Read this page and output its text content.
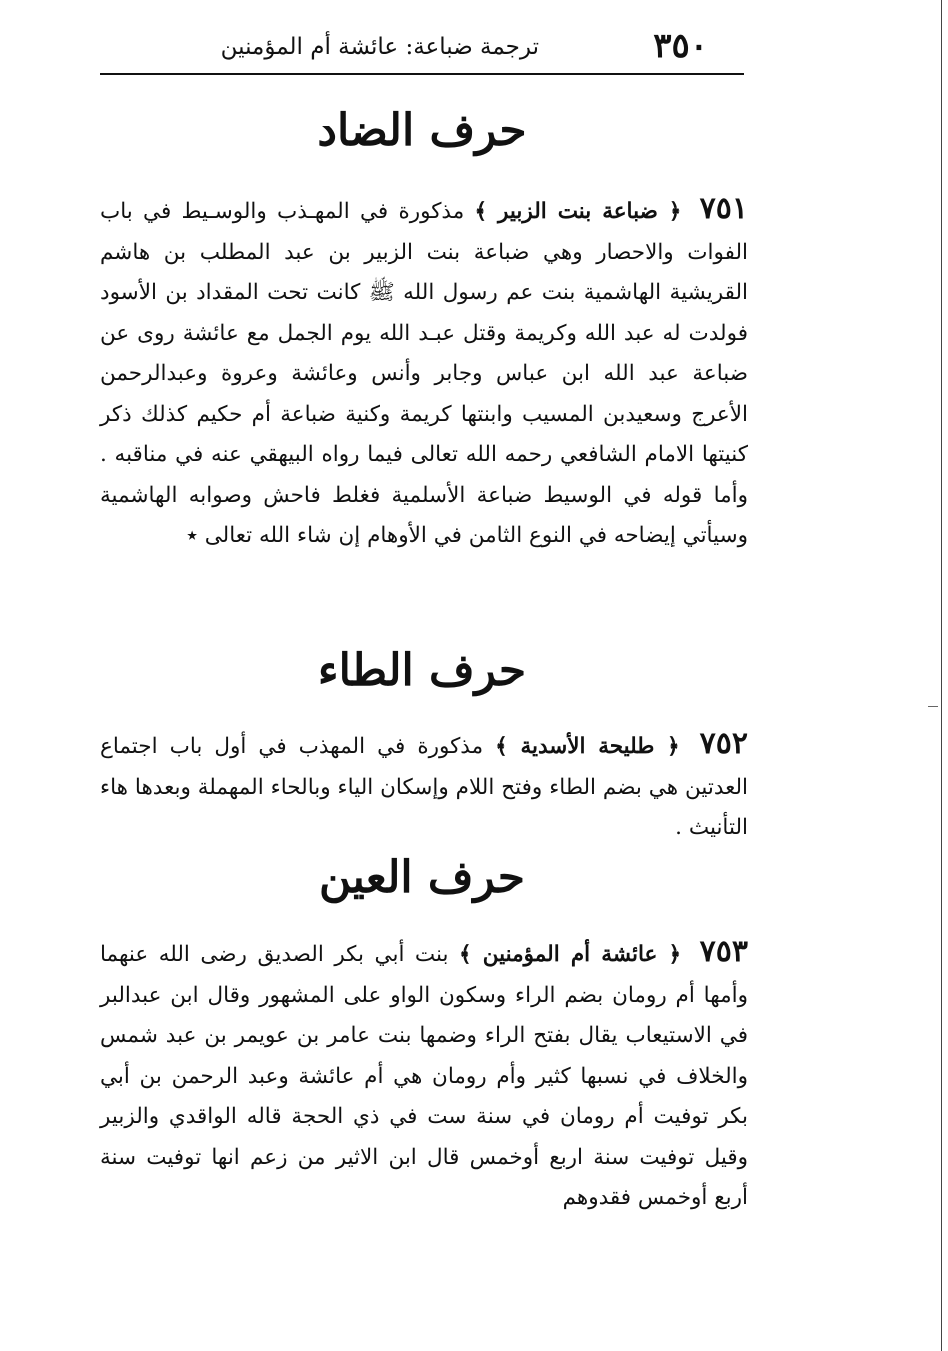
٣٥٠
ترجمة ضباعة: عائشة أم المؤمنين
حرف الضاد
٧٥١ ﴿ ضباعة بنت الزبير ﴾ مذكورة في المهـذب والوسـيط في باب الفوات والاحصار وهي ضباعة بنت الزبير بن عبد المطلب بن هاشم القريشية الهاشمية بنت عم رسول الله ﷺ كانت تحت المقداد بن الأسود فولدت له عبد الله وكريمة وقتل عبـد الله يوم الجمل مع عائشة روى عن ضباعة عبد الله ابن عباس وجابر وأنس وعائشة وعروة وعبدالرحمن الأعرج وسعيدبن المسيب وابنتها كريمة وكنية ضباعة أم حكيم كذلك ذكر كنيتها الامام الشافعي رحمه الله تعالى فيما رواه البيهقي عنه في مناقبه . وأما قوله في الوسيط ضباعة الأسلمية فغلط فاحش وصوابه الهاشمية وسيأتي إيضاحه في النوع الثامن في الأوهام إن شاء الله تعالى ٭
حرف الطاء
٧٥٢ ﴿ طليحة الأسدية ﴾ مذكورة في المهذب في أول باب اجتماع العدتين هي بضم الطاء وفتح اللام وإسكان الياء وبالحاء المهملة وبعدها هاء التأنيث .
حرف العين
٧٥٣ ﴿ عائشة أم المؤمنين ﴾ بنت أبي بكر الصديق رضى الله عنهما وأمها أم رومان بضم الراء وسكون الواو على المشهور وقال ابن عبدالبر في الاستيعاب يقال بفتح الراء وضمها بنت عامر بن عويمر بن عبد شمس والخلاف في نسبها كثير وأم رومان هي أم عائشة وعبد الرحمن بن أبي بكر توفيت أم رومان في سنة ست في ذي الحجة قاله الواقدي والزبير وقيل توفيت سنة اربع أوخمس قال ابن الاثير من زعم انها توفيت سنة أربع أوخمس فقدوهم
